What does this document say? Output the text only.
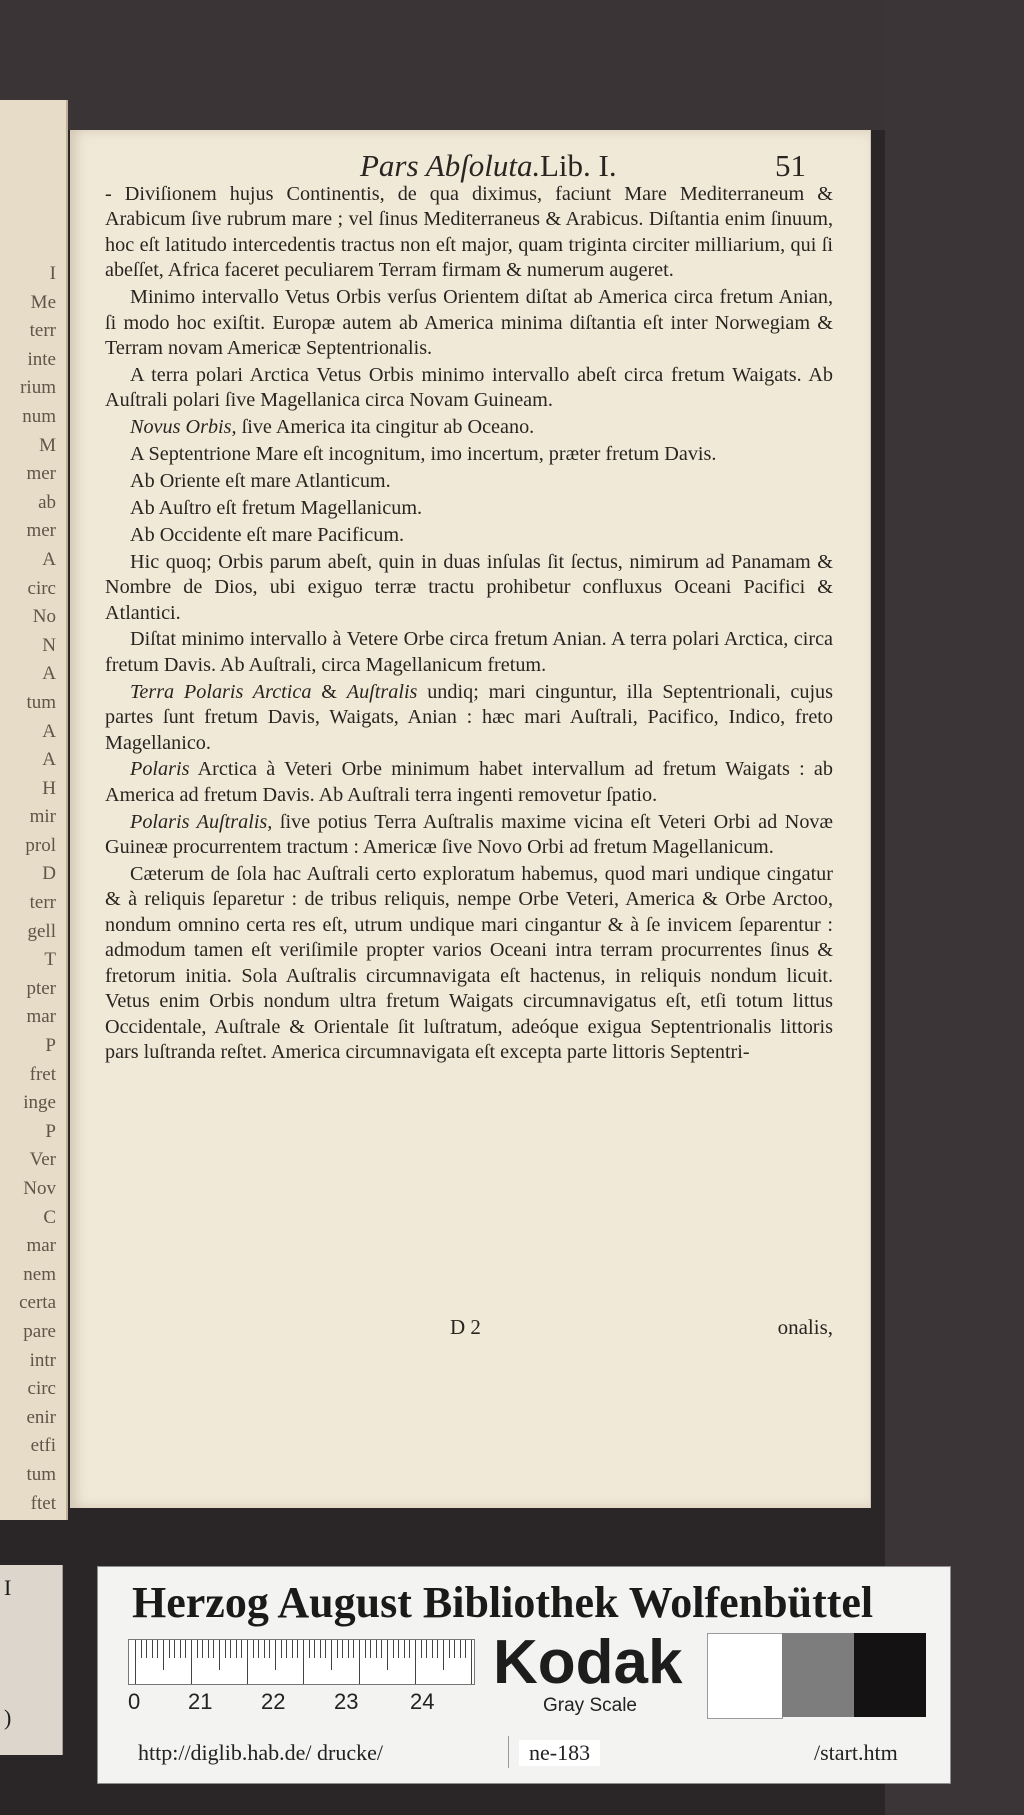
I
Me
terr
inte
rium
num
M
mer
ab
mer
A
circ
No
N
A
tum
A
A
H
mir
prol
D
terr
gell
T
pter
mar
P
fret
inge
P
Ver
Nov
C
mar
nem
certa
pare
intr
circ
enir
etfi
tum
ftet
I
)
Pars Abſoluta. Lib. I.	51

- Diviſionem hujus Continentis, de qua diximus, faciunt Mare Mediterraneum & Arabicum ſive rubrum mare ; vel ſinus Mediterraneus & Arabicus. Diſtantia enim ſinuum, hoc eſt latitudo intercedentis tractus non eſt major, quam triginta circiter milliarium, qui ſi abeſſet, Africa faceret peculiarem Terram firmam & numerum augeret.

Minimo intervallo Vetus Orbis verſus Orientem diſtat ab America circa fretum Anian, ſi modo hoc exiſtit. Europæ autem ab America minima diſtantia eſt inter Norwegiam & Terram novam Americæ Septentrionalis.

A terra polari Arctica Vetus Orbis minimo intervallo abeſt circa fretum Waigats. Ab Auſtrali polari ſive Magellanica circa Novam Guineam.

Novus Orbis, ſive America ita cingitur ab Oceano.

A Septentrione Mare eſt incognitum, imo incertum, præter fretum Davis.

Ab Oriente eſt mare Atlanticum.

Ab Auſtro eſt fretum Magellanicum.

Ab Occidente eſt mare Pacificum.

Hic quoq; Orbis parum abeſt, quin in duas inſulas ſit ſectus, nimirum ad Panamam & Nombre de Dios, ubi exiguo terræ tractu prohibetur confluxus Oceani Pacifici & Atlantici.

Diſtat minimo intervallo à Vetere Orbe circa fretum Anian. A terra polari Arctica, circa fretum Davis. Ab Auſtrali, circa Magellanicum fretum.

Terra Polaris Arctica & Auſtralis undiq; mari cinguntur, illa Septentrionali, cujus partes ſunt fretum Davis, Waigats, Anian : hæc mari Auſtrali, Pacifico, Indico, freto Magellanico.

Polaris Arctica à Veteri Orbe minimum habet intervallum ad fretum Waigats : ab America ad fretum Davis. Ab Auſtrali terra ingenti removetur ſpatio.

Polaris Auſtralis, ſive potius Terra Auſtralis maxime vicina eſt Veteri Orbi ad Novæ Guineæ procurrentem tractum : Americæ ſive Novo Orbi ad fretum Magellanicum.

Cæterum de ſola hac Auſtrali certo exploratum habemus, quod mari undique cingatur & à reliquis ſeparetur : de tribus reliquis, nempe Orbe Veteri, America & Orbe Arctoo, nondum omnino certa res eſt, utrum undique mari cingantur & à ſe invicem ſeparentur : admodum tamen eſt veriſimile propter varios Oceani intra terram procurrentes ſinus & fretorum initia. Sola Auſtralis circumnavigata eſt hactenus, in reliquis nondum licuit. Vetus enim Orbis nondum ultra fretum Waigats circumnavigatus eſt, etſi totum littus Occidentale, Auſtrale & Orientale ſit luſtratum, adeóque exigua Septentrionalis littoris pars luſtranda reſtet. America circumnavigata eſt excepta parte littoris Septentri-

D 2	onalis,
Herzog August Bibliothek Wolfenbüttel
0 21 22 23 24
Kodak
Gray Scale
http://diglib.hab.de/ drucke/	ne-183	/start.htm
